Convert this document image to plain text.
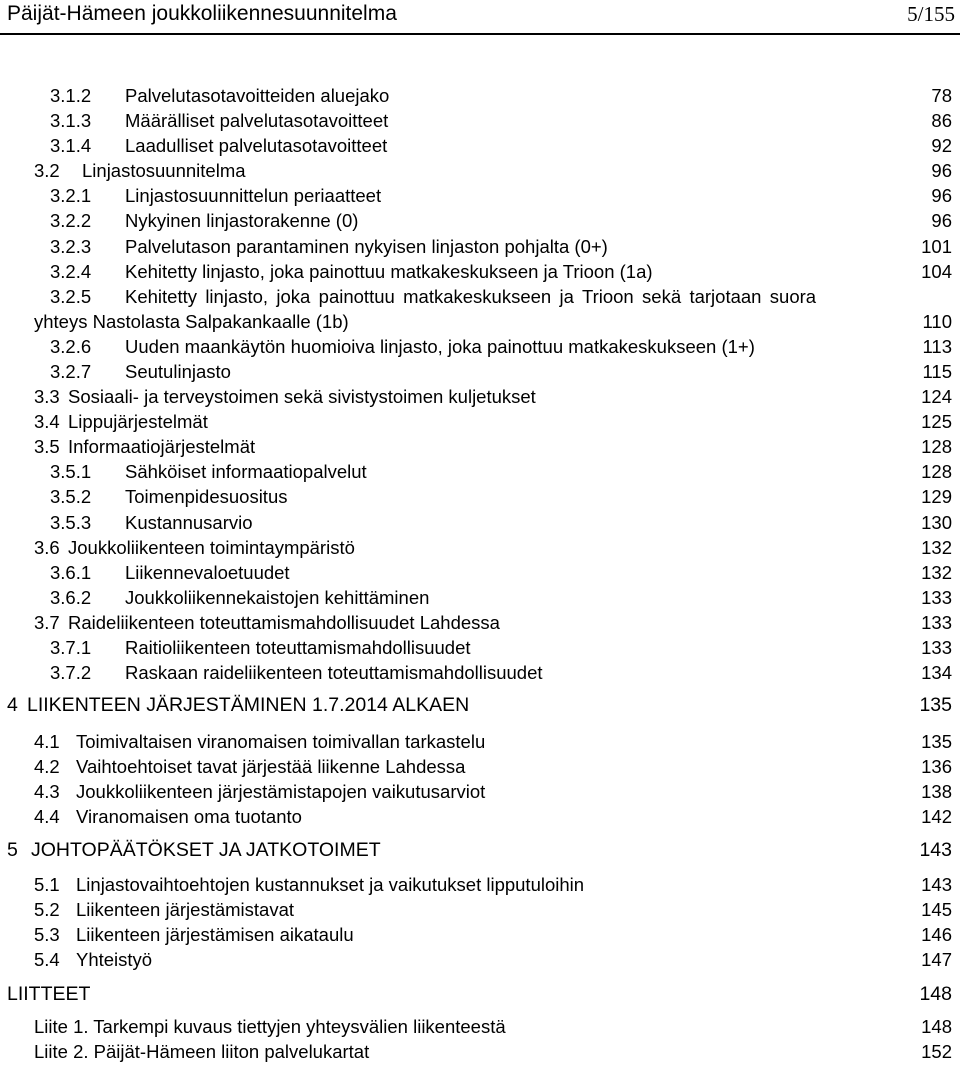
Päijät-Hämeen joukkoliikennesuunnitelma	5/155
3.1.2 Palvelutasotavoitteiden aluejako	78
3.1.3 Määrälliset palvelutasotavoitteet	86
3.1.4 Laadulliset palvelutasotavoitteet	92
3.2 Linjastosuunnitelma	96
3.2.1 Linjastosuunnittelun periaatteet	96
3.2.2 Nykyinen linjastorakenne (0)	96
3.2.3 Palvelutason parantaminen nykyisen linjaston pohjalta (0+)	101
3.2.4 Kehitetty linjasto, joka painottuu matkakeskukseen ja Trioon (1a)	104
3.2.5 Kehitetty linjasto, joka painottuu matkakeskukseen ja Trioon sekä tarjotaan suora
yhteys Nastolasta Salpakankaalle (1b)	110
3.2.6 Uuden maankäytön huomioiva linjasto, joka painottuu matkakeskukseen (1+)	113
3.2.7 Seutulinjasto	115
3.3 Sosiaali- ja terveystoimen sekä sivistystoimen kuljetukset	124
3.4 Lippujärjestelmät	125
3.5 Informaatiojärjestelmät	128
3.5.1 Sähköiset informaatiopalvelut	128
3.5.2 Toimenpidesuositus	129
3.5.3 Kustannusarvio	130
3.6 Joukkoliikenteen toimintaympäristö	132
3.6.1 Liikennevaloetuudet	132
3.6.2 Joukkoliikennekaistojen kehittäminen	133
3.7 Raideliikenteen toteuttamismahdollisuudet Lahdessa	133
3.7.1 Raitioliikenteen toteuttamismahdollisuudet	133
3.7.2 Raskaan raideliikenteen toteuttamismahdollisuudet	134
4 LIIKENTEEN JÄRJESTÄMINEN 1.7.2014 ALKAEN	135
4.1 Toimivaltaisen viranomaisen toimivallan tarkastelu	135
4.2 Vaihtoehtoiset tavat järjestää liikenne Lahdessa	136
4.3 Joukkoliikenteen järjestämistapojen vaikutusarviot	138
4.4 Viranomaisen oma tuotanto	142
5 JOHTOPÄÄTÖKSET JA JATKOTOIMET	143
5.1 Linjastovaihtoehtojen kustannukset ja vaikutukset lipputuloihin	143
5.2 Liikenteen järjestämistavat	145
5.3 Liikenteen järjestämisen aikataulu	146
5.4 Yhteistyö	147
LIITTEET	148
Liite 1. Tarkempi kuvaus tiettyjen yhteysvälien liikenteestä	148
Liite 2. Päijät-Hämeen liiton palvelukartat	152
